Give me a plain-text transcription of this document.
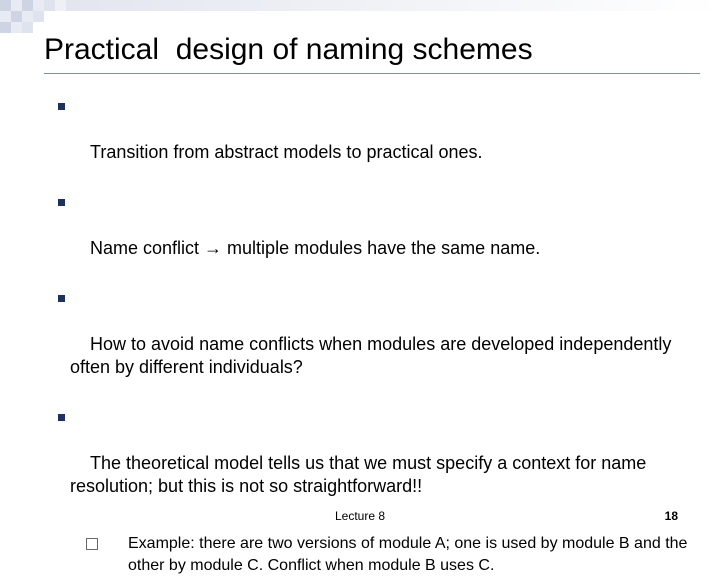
Practical  design of naming schemes

Transition from abstract models to practical ones.

Name conflict → multiple modules have the same name.

How to avoid name conflicts when modules are developed independently often by different individuals?

The theoretical model tells us that we must specify a context for name resolution; but this is not so straightforward!!

Example: there are two versions of module A; one is used by module B and the other by module C. Conflict when module B uses C.
Lecture 8	18
